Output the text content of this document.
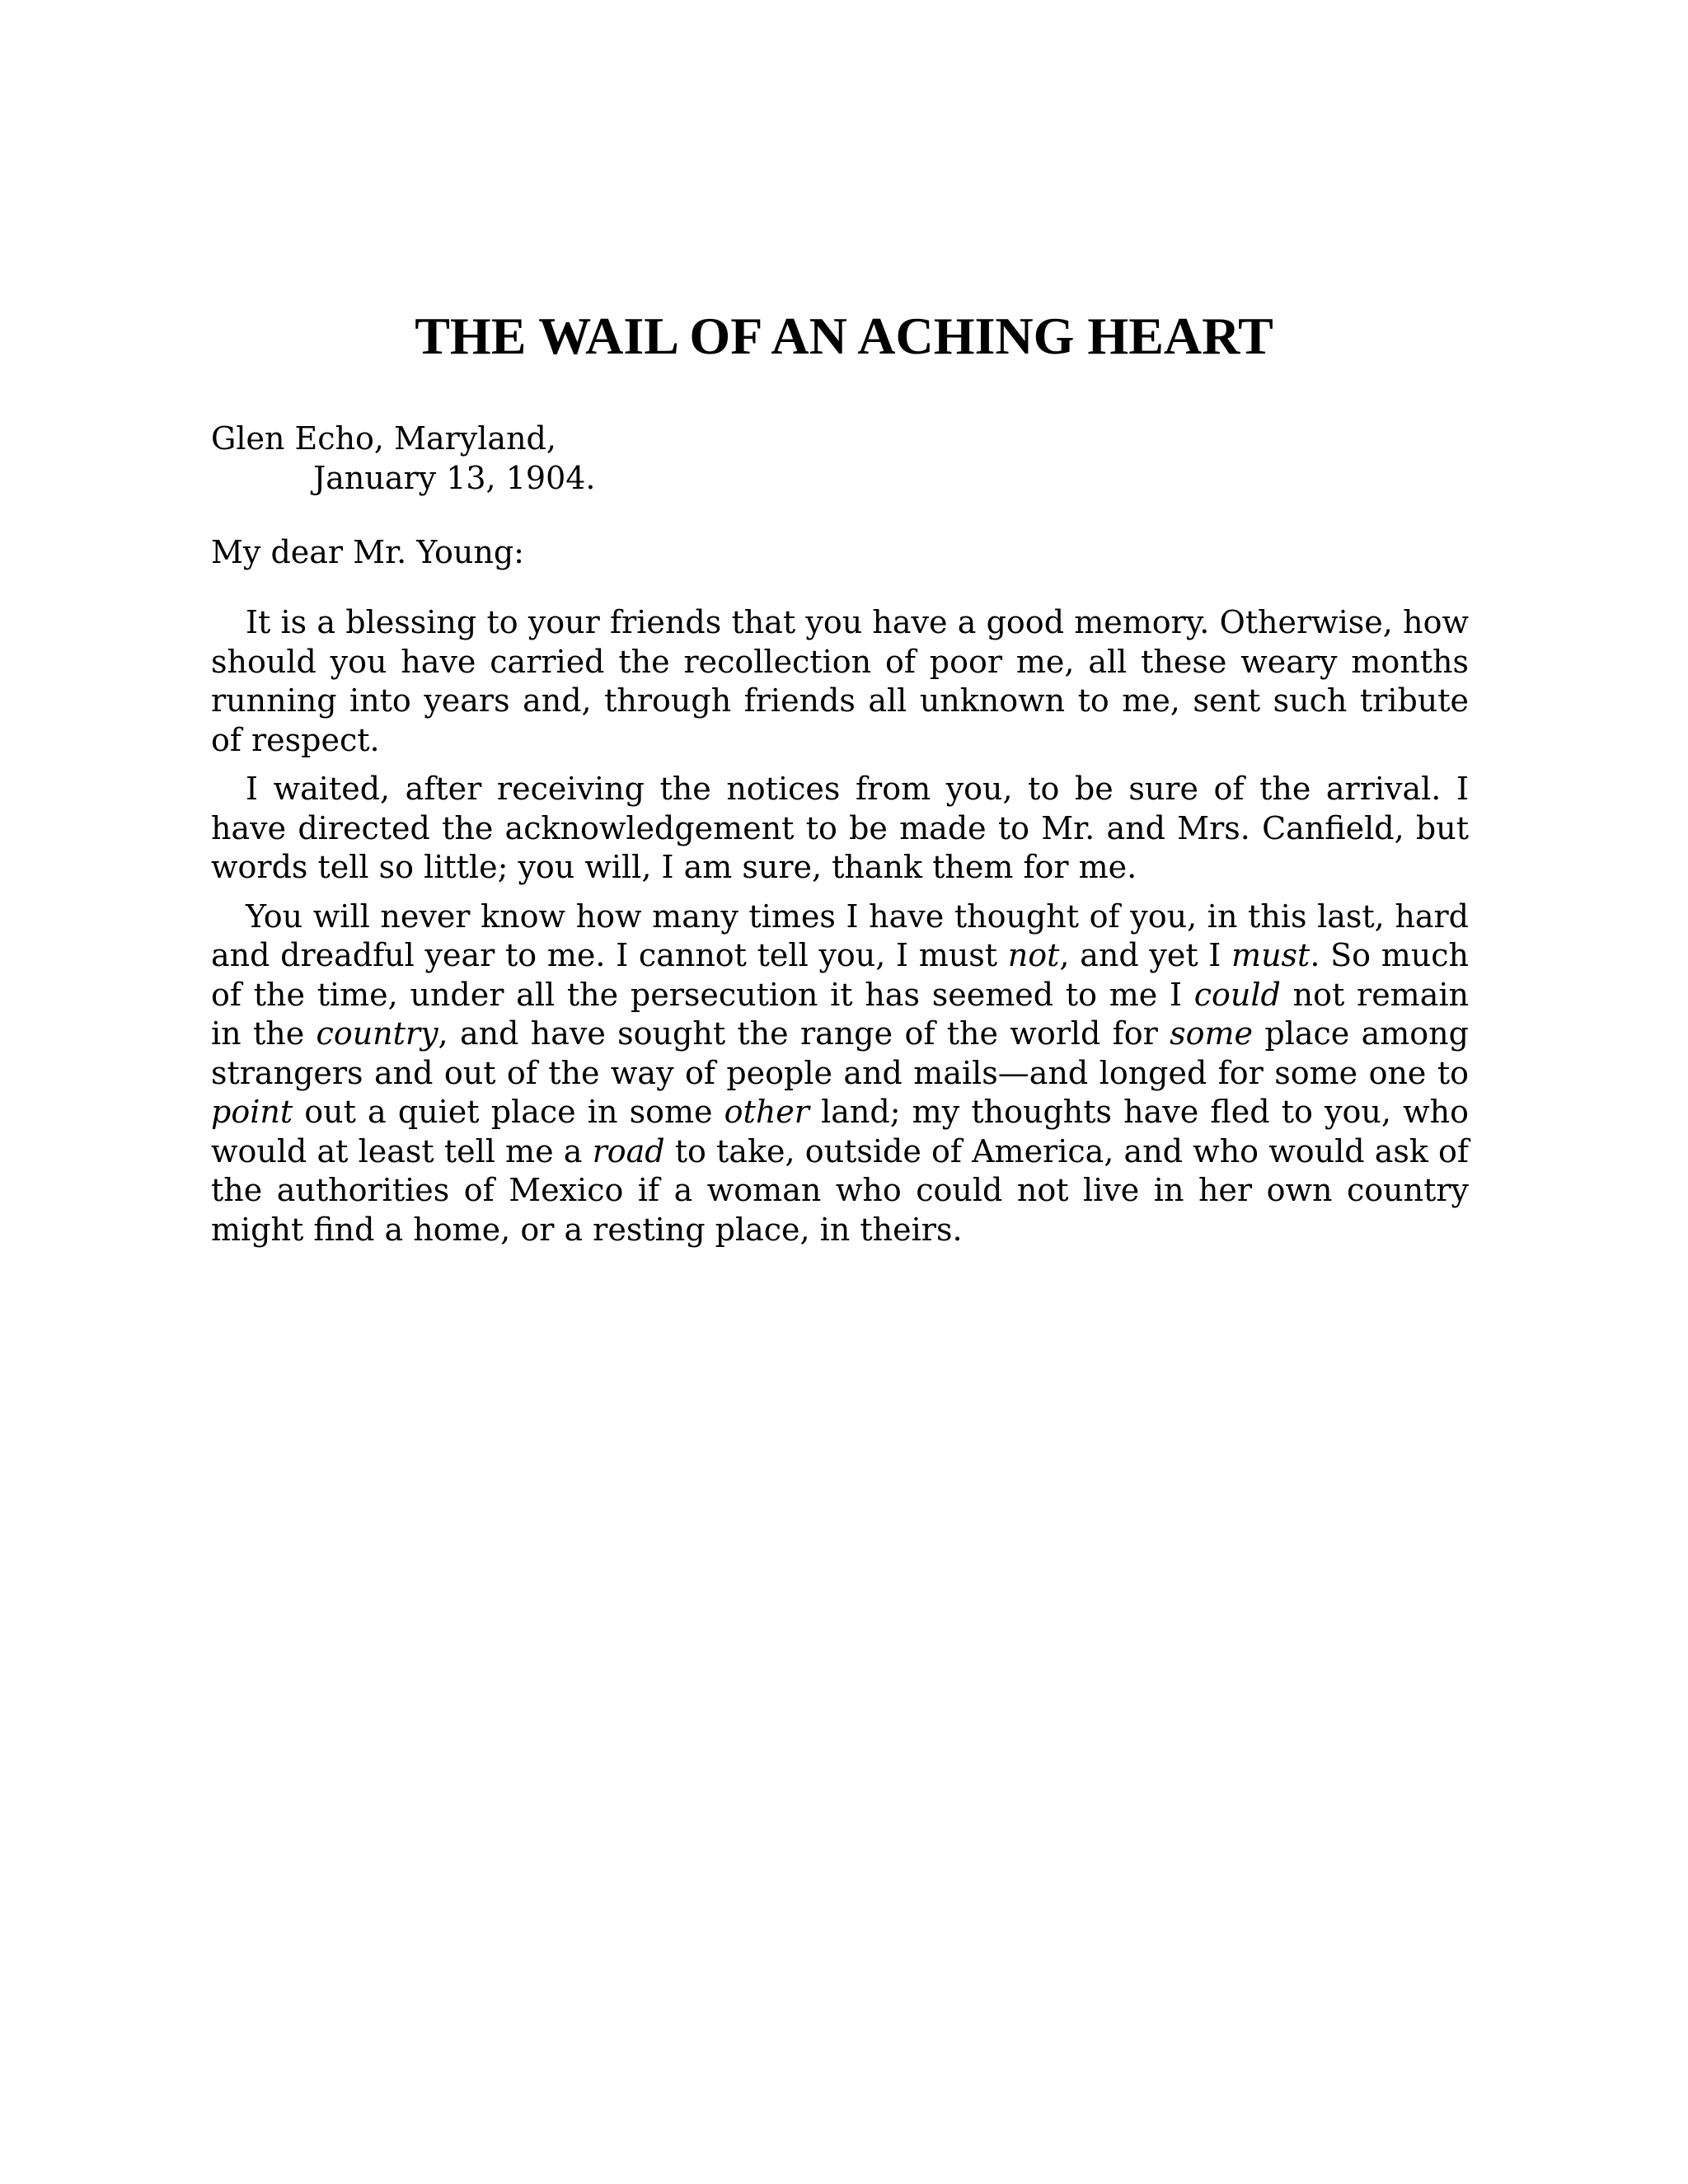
THE WAIL OF AN ACHING HEART
Glen Echo, Maryland,
January 13, 1904.
My dear Mr. Young:

It is a blessing to your friends that you have a good memory. Otherwise, how should you have carried the recollection of poor me, all these weary months running into years and, through friends all unknown to me, sent such tribute of respect.

I waited, after receiving the notices from you, to be sure of the arrival. I have directed the acknowledgement to be made to Mr. and Mrs. Canfield, but words tell so little; you will, I am sure, thank them for me.

You will never know how many times I have thought of you, in this last, hard and dreadful year to me. I cannot tell you, I must not, and yet I must. So much of the time, under all the persecution it has seemed to me I could not remain in the country, and have sought the range of the world for some place among strangers and out of the way of people and mails—and longed for some one to point out a quiet place in some other land; my thoughts have fled to you, who would at least tell me a road to take, outside of America, and who would ask of the authorities of Mexico if a woman who could not live in her own country might find a home, or a resting place, in theirs.
